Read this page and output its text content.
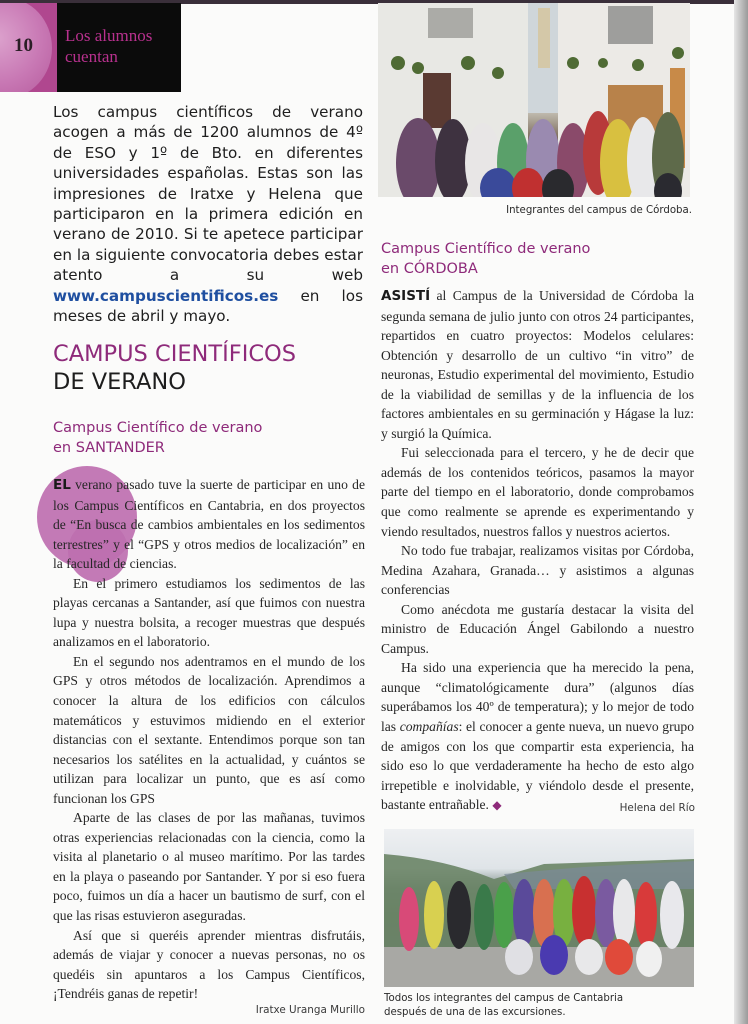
10 Los alumnos cuentan
Los campus científicos de verano acogen a más de 1200 alumnos de 4º de ESO y 1º de Bto. en diferentes universidades españolas. Estas son las impresiones de Iratxe y Helena que participaron en la primera edición en verano de 2010. Si te apetece participar en la siguiente convocatoria debes estar atento a su web www.campuscientificos.es en los meses de abril y mayo.
CAMPUS CIENTÍFICOS
DE VERANO
Campus Científico de verano
en SANTANDER

EL verano pasado tuve la suerte de participar en uno de los Campus Científicos en Cantabria, en dos proyectos de “En busca de cambios ambientales en los sedimentos terrestres” y el “GPS y otros medios de localización” en la facultad de ciencias.

En el primero estudiamos los sedimentos de las playas cercanas a Santander, así que fuimos con nuestra lupa y nuestra bolsita, a recoger muestras que después analizamos en el laboratorio.

En el segundo nos adentramos en el mundo de los GPS y otros métodos de localización. Aprendimos a conocer la altura de los edificios con cálculos matemáticos y estuvimos midiendo en el exterior distancias con el sextante. Entendimos porque son tan necesarios los satélites en la actualidad, y cuántos se utilizan para localizar un punto, que es así como funcionan los GPS

Aparte de las clases de por las mañanas, tuvimos otras experiencias relacionadas con la ciencia, como la visita al planetario o al museo marítimo. Por las tardes en la playa o paseando por Santander. Y por si eso fuera poco, fuimos un día a hacer un bautismo de surf, con el que las risas estuvieron aseguradas.

Así que si queréis aprender mientras disfrutáis, además de viajar y conocer a nuevas personas, no os quedéis sin apuntaros a los Campus Científicos, ¡Tendréis ganas de repetir!

Iratxe Uranga Murillo
Integrantes del campus de Córdoba.
Campus Científico de verano
en CÓRDOBA

ASISTÍ al Campus de la Universidad de Córdoba la segunda semana de julio junto con otros 24 participantes, repartidos en cuatro proyectos: Modelos celulares: Obtención y desarrollo de un cultivo “in vitro” de neuronas, Estudio experimental del movimiento, Estudio de la viabilidad de semillas y de la influencia de los factores ambientales en su germinación y Hágase la luz: y surgió la Química.

Fui seleccionada para el tercero, y he de decir que además de los contenidos teóricos, pasamos la mayor parte del tiempo en el laboratorio, donde comprobamos que como realmente se aprende es experimentando y viendo resultados, nuestros fallos y nuestros aciertos.

No todo fue trabajar, realizamos visitas por Córdoba, Medina Azahara, Granada… y asistimos a algunas conferencias

Como anécdota me gustaría destacar la visita del ministro de Educación Ángel Gabilondo a nuestro Campus.

Ha sido una experiencia que ha merecido la pena, aunque “climatológicamente dura” (algunos días superábamos los 40º de temperatura); y lo mejor de todo las compañías: el conocer a gente nueva, un nuevo grupo de amigos con los que compartir esta experiencia, ha sido eso lo que verdaderamente ha hecho de esto algo irrepetible e inolvidable, y viéndolo desde el presente, bastante entrañable. ◆	Helena del Río
Todos los integrantes del campus de Cantabria
después de una de las excursiones.
